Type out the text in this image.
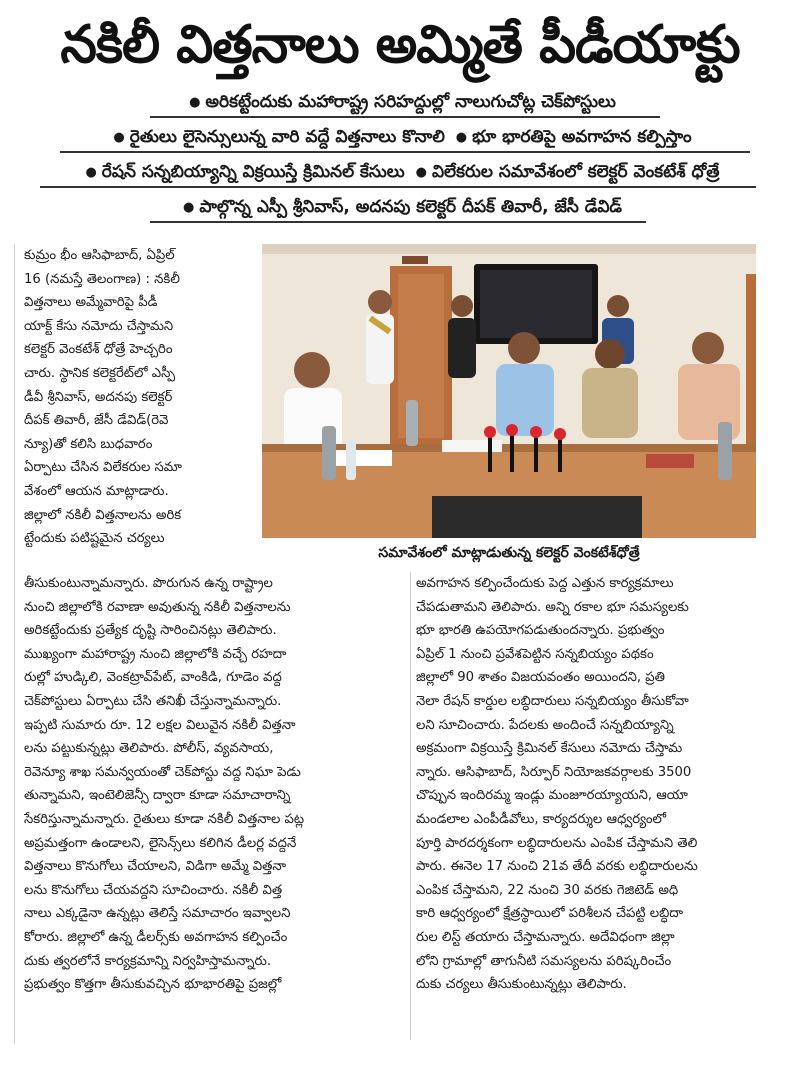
నకిలీ విత్తనాలు అమ్మితే పీడీయాక్టు
● అరికట్టేందుకు మహారాష్ట్ర సరిహద్దుల్లో నాలుగుచోట్ల చెక్‌పోస్టులు
● రైతులు లైసెన్సులున్న వారి వద్దే విత్తనాలు కొనాలి ● భూ భారతిపై అవగాహన కల్పిస్తాం
● రేషన్ సన్నబియ్యాన్ని విక్రయిస్తే క్రిమినల్ కేసులు ● విలేకరుల సమావేశంలో కలెక్టర్ వెంకటేశ్ ధోత్రే
● పాల్గొన్న ఎస్పీ శ్రీనివాస్, అదనపు కలెక్టర్ దీపక్ తివారీ, జేసీ డేవిడ్
కుమ్రం భీం ఆసిఫాబాద్, ఏప్రిల్
16 (నమస్తే తెలంగాణ) : నకిలీ
విత్తనాలు అమ్మేవారిపై పీడీ
యాక్ట్ కేసు నమోదు చేస్తామని
కలెక్టర్ వెంకటేశ్ ధోత్రే హెచ్చరిం
చారు. స్థానిక కలెక్టరేట్‌లో ఎస్పీ
డీవీ శ్రీనివాస్, అదనపు కలెక్టర్
దీపక్ తివారీ, జేసీ డేవిడ్(రెవె
న్యూ)తో కలిసి బుధవారం
ఏర్పాటు చేసిన విలేకరుల సమా
వేశంలో ఆయన మాట్లాడారు.
జిల్లాలో నకిలీ విత్తనాలను అరిక
ట్టేందుకు పటిష్టమైన చర్యలు
సమావేశంలో మాట్లాడుతున్న కలెక్టర్ వెంకటేశ్‌ధోత్రే
తీసుకుంటున్నామన్నారు. పొరుగున ఉన్న రాష్ట్రాల
నుంచి జిల్లాలోకి రవాణా అవుతున్న నకిలీ విత్తనాలను
అరికట్టేందుకు ప్రత్యేక దృష్టి సారించినట్లు తెలిపారు.
ముఖ్యంగా మహారాష్ట్ర నుంచి జిల్లాలోకి వచ్చే రహదా
రుల్లో హుడ్కిలి, వెంకట్రావ్‌పేట్, వాంకిడి, గూడెం వద్ద
చెక్‌పోస్టులు ఏర్పాటు చేసి తనిఖీ చేస్తున్నామన్నారు.
ఇప్పటి సుమారు రూ. 12 లక్షల విలువైన నకిలీ విత్తనా
లను పట్టుకున్నట్లు తెలిపారు. పోలీస్, వ్యవసాయ,
రెవెన్యూ శాఖ సమన్వయంతో చెక్‌పోస్టు వద్ద నిఘా పెడు
తున్నామని, ఇంటెలిజెన్సీ ద్వారా కూడా సమాచారాన్ని
సేకరిస్తున్నామన్నారు. రైతులు కూడా నకిలీ విత్తనాల పట్ల
అప్రమత్తంగా ఉండాలని, లైసెన్స్‌లు కలిగిన డీలర్ల వద్దనే
విత్తనాలు కొనుగోలు చేయాలని, విడిగా అమ్మే విత్తనా
లను కొనుగోలు చేయవద్దని సూచించారు. నకిలీ విత్త
నాలు ఎక్కడైనా ఉన్నట్లు తెలిస్తే సమాచారం ఇవ్వాలని
కోరారు. జిల్లాలో ఉన్న డీలర్స్‌కు అవగాహన కల్పించేం
దుకు త్వరలోనే కార్యక్రమాన్ని నిర్వహిస్తామన్నారు.
ప్రభుత్వం కొత్తగా తీసుకువచ్చిన భూభారతిపై ప్రజల్లో
అవగాహన కల్పించేందుకు పెద్ద ఎత్తున కార్యక్రమాలు
చేపడుతామని తెలిపారు. అన్ని రకాల భూ సమస్యలకు
భూ భారతి ఉపయోగపడుతుందన్నారు. ప్రభుత్వం
ఏప్రిల్ 1 నుంచి ప్రవేశపెట్టిన సన్నబియ్యం పథకం
జిల్లాలో 90 శాతం విజయవంతం అయిందని, ప్రతి
నెలా రేషన్ కార్డుల లబ్ధిదారులు సన్నబియ్యం తీసుకోవా
లని సూచించారు. పేదలకు అందించే సన్నబియ్యాన్ని
అక్రమంగా విక్రయిస్తే క్రిమినల్ కేసులు నమోదు చేస్తామ
న్నారు. ఆసిఫాబాద్, సిర్పూర్ నియోజకవర్గాలకు 3500
చొప్పున ఇందిరమ్మ ఇండ్లు మంజూరయ్యాయని, ఆయా
మండలాల ఎంపీడీవోలు, కార్యదర్శుల ఆధ్వర్యంలో
పూర్తి పారదర్శకంగా లబ్ధిదారులను ఎంపిక చేస్తామని తెలి
పారు. ఈనెల 17 నుంచి 21వ తేదీ వరకు లబ్ధిదారులను
ఎంపిక చేస్తామని, 22 నుంచి 30 వరకు గెజిటెడ్ అధి
కారి ఆధ్వర్యంలో క్షేత్రస్థాయిలో పరిశీలన చేపట్టి లబ్ధిదా
రుల లిస్ట్ తయారు చేస్తామన్నారు. అదేవిధంగా జిల్లా
లోని గ్రామాల్లో తాగునీటి సమస్యలను పరిష్కరించేం
దుకు చర్యలు తీసుకుంటున్నట్లు తెలిపారు.
